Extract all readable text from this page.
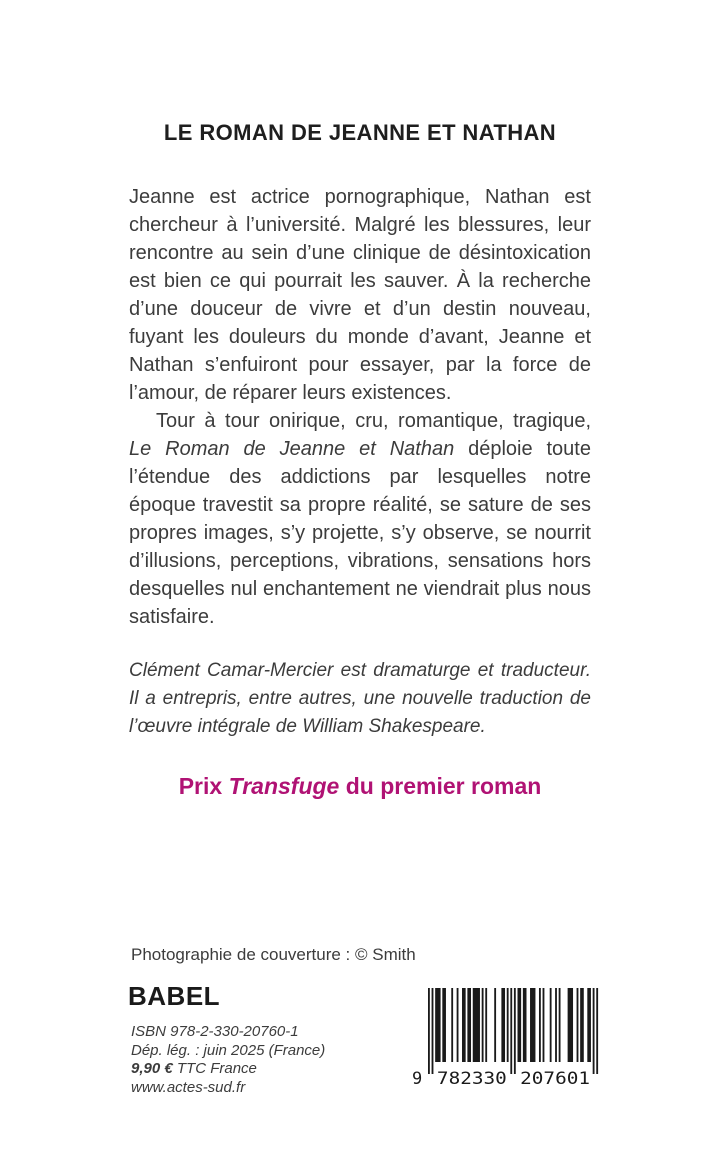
LE ROMAN DE JEANNE ET NATHAN

Jeanne est actrice pornographique, Nathan est chercheur à l’université. Malgré les blessures, leur rencontre au sein d’une clinique de désintoxication est bien ce qui pourrait les sauver. À la recherche d’une douceur de vivre et d’un destin nouveau, fuyant les douleurs du monde d’avant, Jeanne et Nathan s’enfuiront pour essayer, par la force de l’amour, de réparer leurs existences.

Tour à tour onirique, cru, romantique, tragique, Le Roman de Jeanne et Nathan déploie toute l’étendue des addictions par lesquelles notre époque travestit sa propre réalité, se sature de ses propres images, s’y projette, s’y observe, se nourrit d’illusions, perceptions, vibrations, sensations hors desquelles nul enchantement ne viendrait plus nous satisfaire.

Clément Camar-Mercier est dramaturge et traducteur. Il a entrepris, entre autres, une nouvelle traduction de l’œuvre intégrale de William Shakespeare.

Prix Transfuge du premier roman
Photographie de couverture : © Smith
BABEL
ISBN 978-2-330-20760-1
Dép. lég. : juin 2025 (France)
9,90 € TTC France
www.actes-sud.fr	9 782330 207601
